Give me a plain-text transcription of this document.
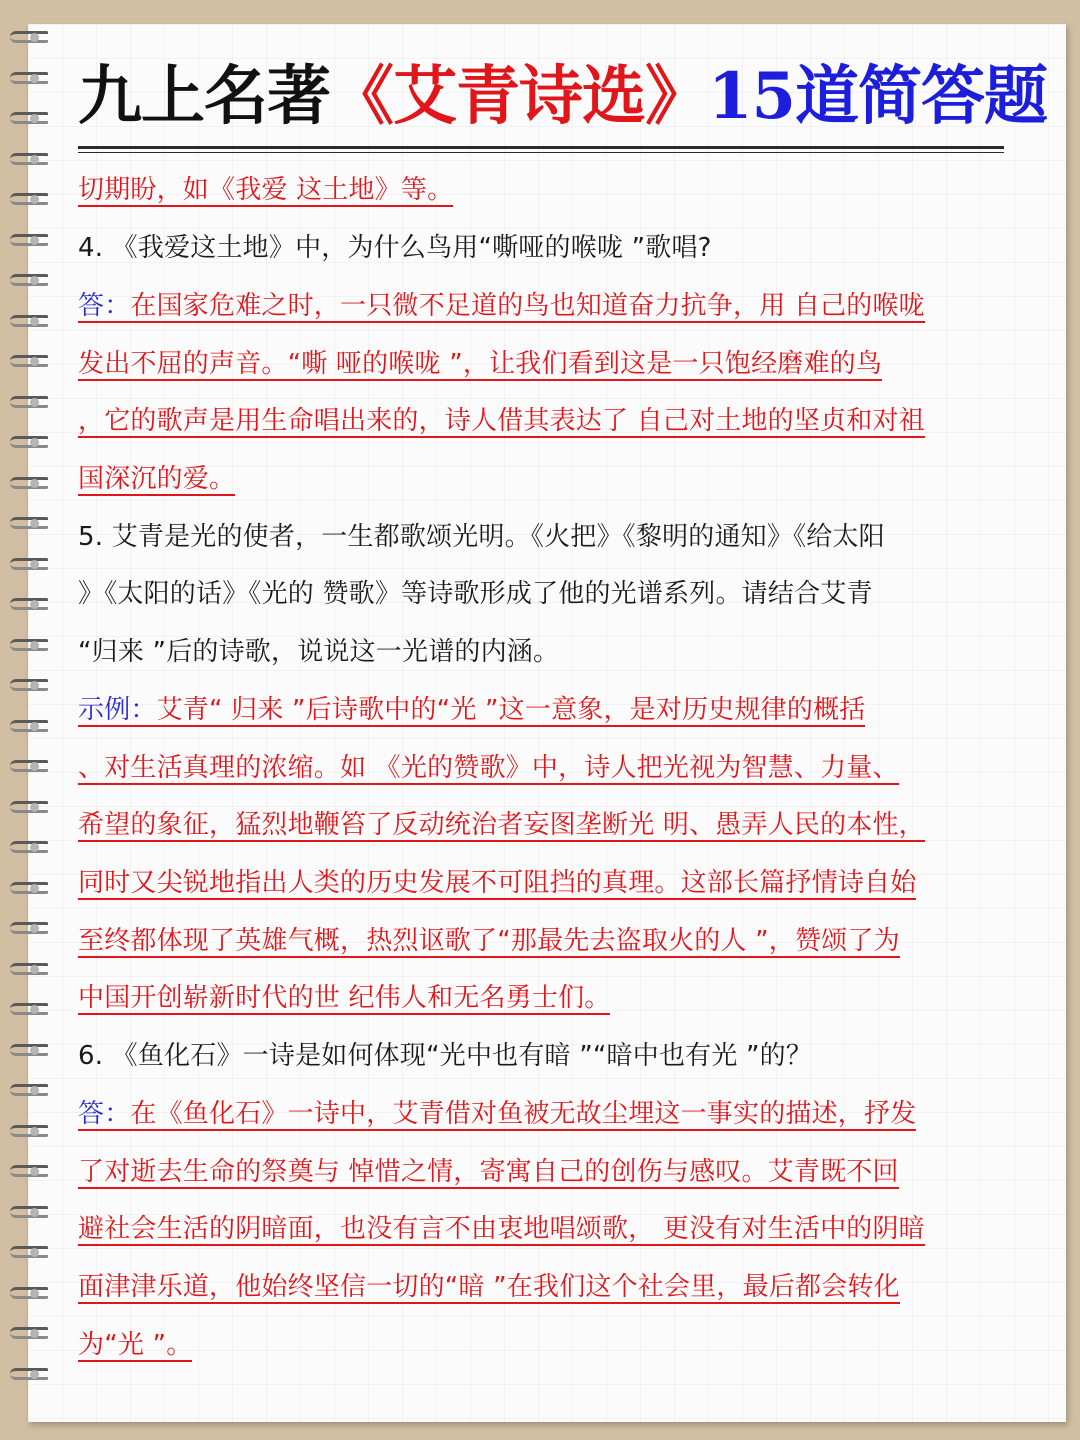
九上名著《艾青诗选》15道简答题
切期盼，如《我爱 这土地》等。
4. 《我爱这土地》中，为什么鸟用“嘶哑的喉咙 ”歌唱?
答：在国家危难之时，一只微不足道的鸟也知道奋力抗争，用 自己的喉咙
发出不屈的声音。“嘶 哑的喉咙 ”，让我们看到这是一只饱经磨难的鸟
，它的歌声是用生命唱出来的，诗人借其表达了 自己对土地的坚贞和对祖
国深沉的爱。
5. 艾青是光的使者，一生都歌颂光明。《火把》《黎明的通知》《给太阳
》《太阳的话》《光的 赞歌》等诗歌形成了他的光谱系列。请结合艾青
“归来 ”后的诗歌，说说这一光谱的内涵。
示例：艾青“ 归来 ”后诗歌中的“光 ”这一意象，是对历史规律的概括
、对生活真理的浓缩。如 《光的赞歌》中，诗人把光视为智慧、力量、
希望的象征，猛烈地鞭笞了反动统治者妄图垄断光 明、愚弄人民的本性，
同时又尖锐地指出人类的历史发展不可阻挡的真理。这部长篇抒情诗自始
至终都体现了英雄气概，热烈讴歌了“那最先去盗取火的人 ”，赞颂了为
中国开创崭新时代的世 纪伟人和无名勇士们。
6. 《鱼化石》一诗是如何体现“光中也有暗 ”“暗中也有光 ”的？
答：在《鱼化石》一诗中，艾青借对鱼被无故尘埋这一事实的描述，抒发
了对逝去生命的祭奠与 悼惜之情，寄寓自己的创伤与感叹。艾青既不回
避社会生活的阴暗面，也没有言不由衷地唱颂歌， 更没有对生活中的阴暗
面津津乐道，他始终坚信一切的“暗 ”在我们这个社会里，最后都会转化
为“光 ”。
